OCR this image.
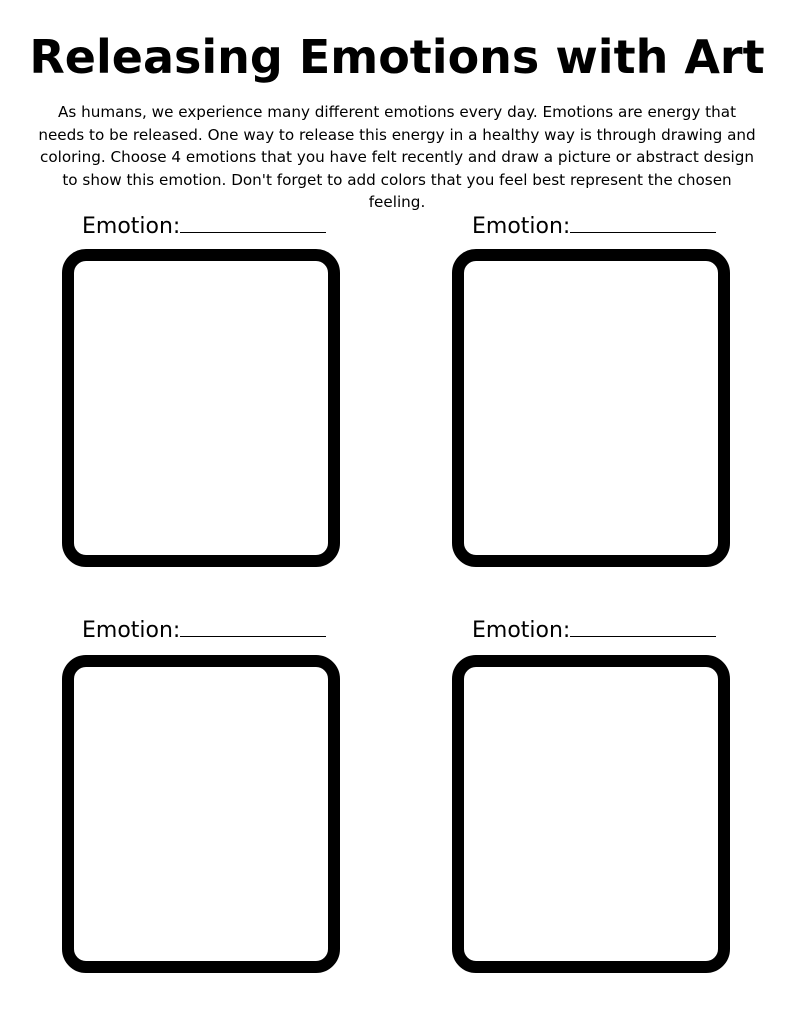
Releasing Emotions with Art

As humans, we experience many different emotions every day. Emotions are energy that needs to be released. One way to release this energy in a healthy way is through drawing and coloring. Choose 4 emotions that you have felt recently and draw a picture or abstract design to show this emotion. Don't forget to add colors that you feel best represent the chosen feeling.

Emotion:	Emotion:
Emotion:	Emotion:
